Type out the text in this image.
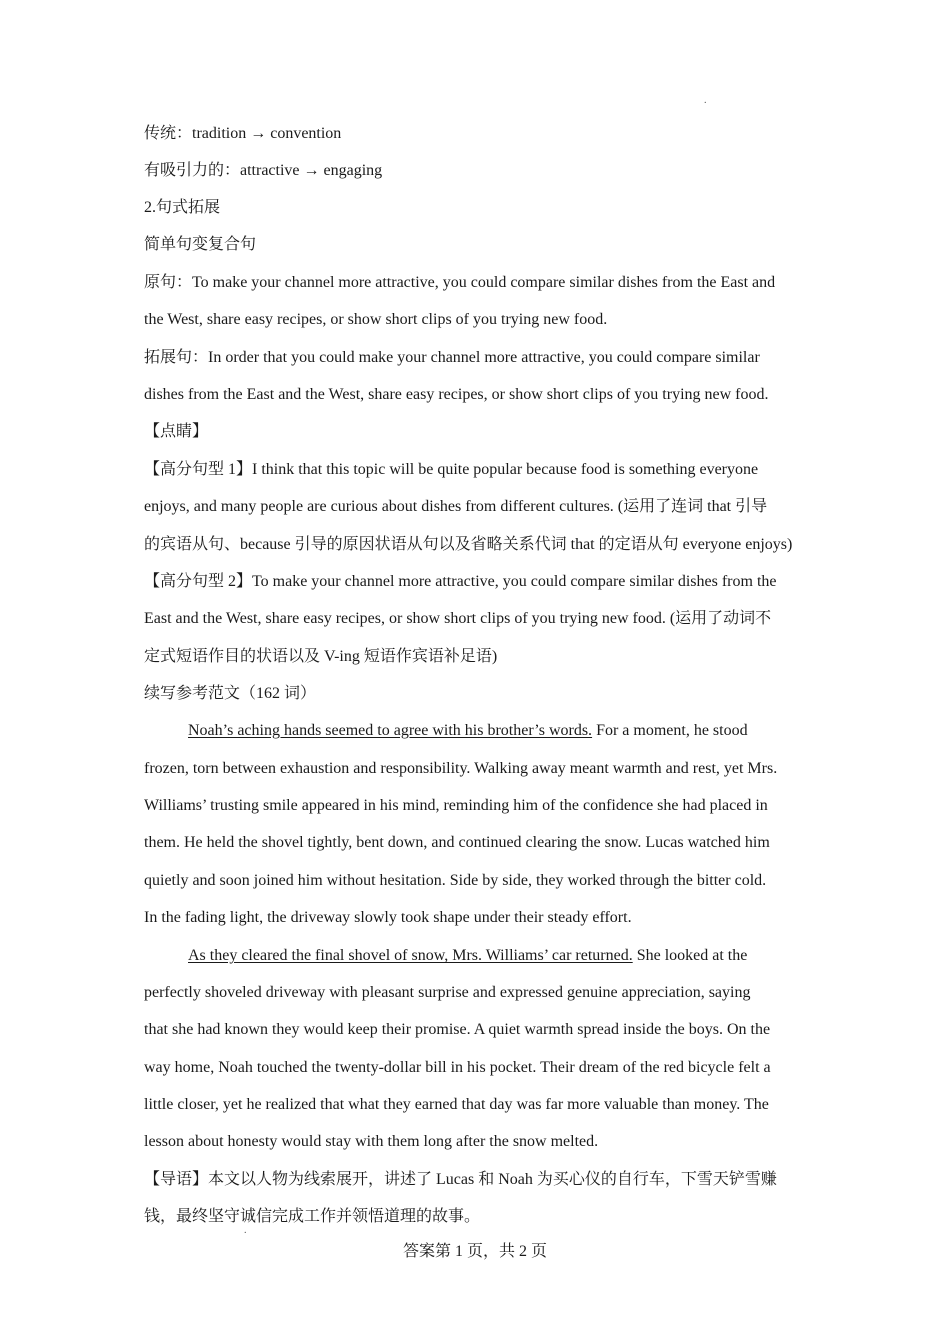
.
传统：tradition → convention
有吸引力的：attractive → engaging
2.句式拓展
简单句变复合句
原句：To make your channel more attractive, you could compare similar dishes from the East and
the West, share easy recipes, or show short clips of you trying new food.
拓展句：In order that you could make your channel more attractive, you could compare similar
dishes from the East and the West, share easy recipes, or show short clips of you trying new food.
【点睛】
【高分句型 1】I think that this topic will be quite popular because food is something everyone
enjoys, and many people are curious about dishes from different cultures. (运用了连词 that 引导
的宾语从句、because 引导的原因状语从句以及省略关系代词 that 的定语从句 everyone enjoys)
【高分句型 2】To make your channel more attractive, you could compare similar dishes from the
East and the West, share easy recipes, or show short clips of you trying new food. (运用了动词不
定式短语作目的状语以及 V-ing 短语作宾语补足语)
续写参考范文（162 词）
Noah’s aching hands seemed to agree with his brother’s words. For a moment, he stood
frozen, torn between exhaustion and responsibility. Walking away meant warmth and rest, yet Mrs.
Williams’ trusting smile appeared in his mind, reminding him of the confidence she had placed in
them. He held the shovel tightly, bent down, and continued clearing the snow. Lucas watched him
quietly and soon joined him without hesitation. Side by side, they worked through the bitter cold.
In the fading light, the driveway slowly took shape under their steady effort.
As they cleared the final shovel of snow, Mrs. Williams’ car returned. She looked at the
perfectly shoveled driveway with pleasant surprise and expressed genuine appreciation, saying
that she had known they would keep their promise. A quiet warmth spread inside the boys. On the
way home, Noah touched the twenty-dollar bill in his pocket. Their dream of the red bicycle felt a
little closer, yet he realized that what they earned that day was far more valuable than money. The
lesson about honesty would stay with them long after the snow melted.
【导语】本文以人物为线索展开，讲述了 Lucas 和 Noah 为买心仪的自行车，下雪天铲雪赚
钱，最终坚守诚信完成工作并领悟道理的故事。
.
答案第 1 页，共 2 页
